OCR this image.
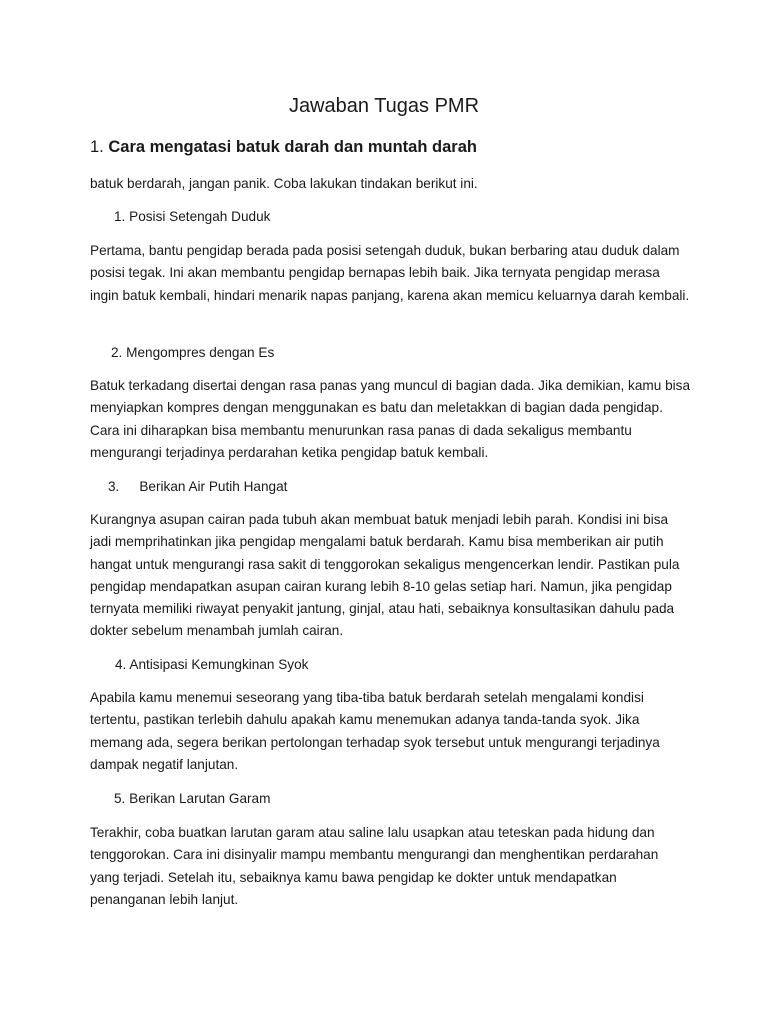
Jawaban Tugas PMR
1. Cara mengatasi batuk darah dan muntah darah

batuk berdarah, jangan panik. Coba lakukan tindakan berikut ini.

1. Posisi Setengah Duduk

Pertama, bantu pengidap berada pada posisi setengah duduk, bukan berbaring atau duduk dalam posisi tegak. Ini akan membantu pengidap bernapas lebih baik. Jika ternyata pengidap merasa ingin batuk kembali, hindari menarik napas panjang, karena akan memicu keluarnya darah kembali.

2. Mengompres dengan Es

Batuk terkadang disertai dengan rasa panas yang muncul di bagian dada. Jika demikian, kamu bisa menyiapkan kompres dengan menggunakan es batu dan meletakkan di bagian dada pengidap. Cara ini diharapkan bisa membantu menurunkan rasa panas di dada sekaligus membantu mengurangi terjadinya perdarahan ketika pengidap batuk kembali.

3. Berikan Air Putih Hangat

Kurangnya asupan cairan pada tubuh akan membuat batuk menjadi lebih parah. Kondisi ini bisa jadi memprihatinkan jika pengidap mengalami batuk berdarah. Kamu bisa memberikan air putih hangat untuk mengurangi rasa sakit di tenggorokan sekaligus mengencerkan lendir. Pastikan pula pengidap mendapatkan asupan cairan kurang lebih 8-10 gelas setiap hari. Namun, jika pengidap ternyata memiliki riwayat penyakit jantung, ginjal, atau hati, sebaiknya konsultasikan dahulu pada dokter sebelum menambah jumlah cairan.

4. Antisipasi Kemungkinan Syok

Apabila kamu menemui seseorang yang tiba-tiba batuk berdarah setelah mengalami kondisi tertentu, pastikan terlebih dahulu apakah kamu menemukan adanya tanda-tanda syok. Jika memang ada, segera berikan pertolongan terhadap syok tersebut untuk mengurangi terjadinya dampak negatif lanjutan.

5. Berikan Larutan Garam

Terakhir, coba buatkan larutan garam atau saline lalu usapkan atau teteskan pada hidung dan tenggorokan. Cara ini disinyalir mampu membantu mengurangi dan menghentikan perdarahan yang terjadi. Setelah itu, sebaiknya kamu bawa pengidap ke dokter untuk mendapatkan penanganan lebih lanjut.
